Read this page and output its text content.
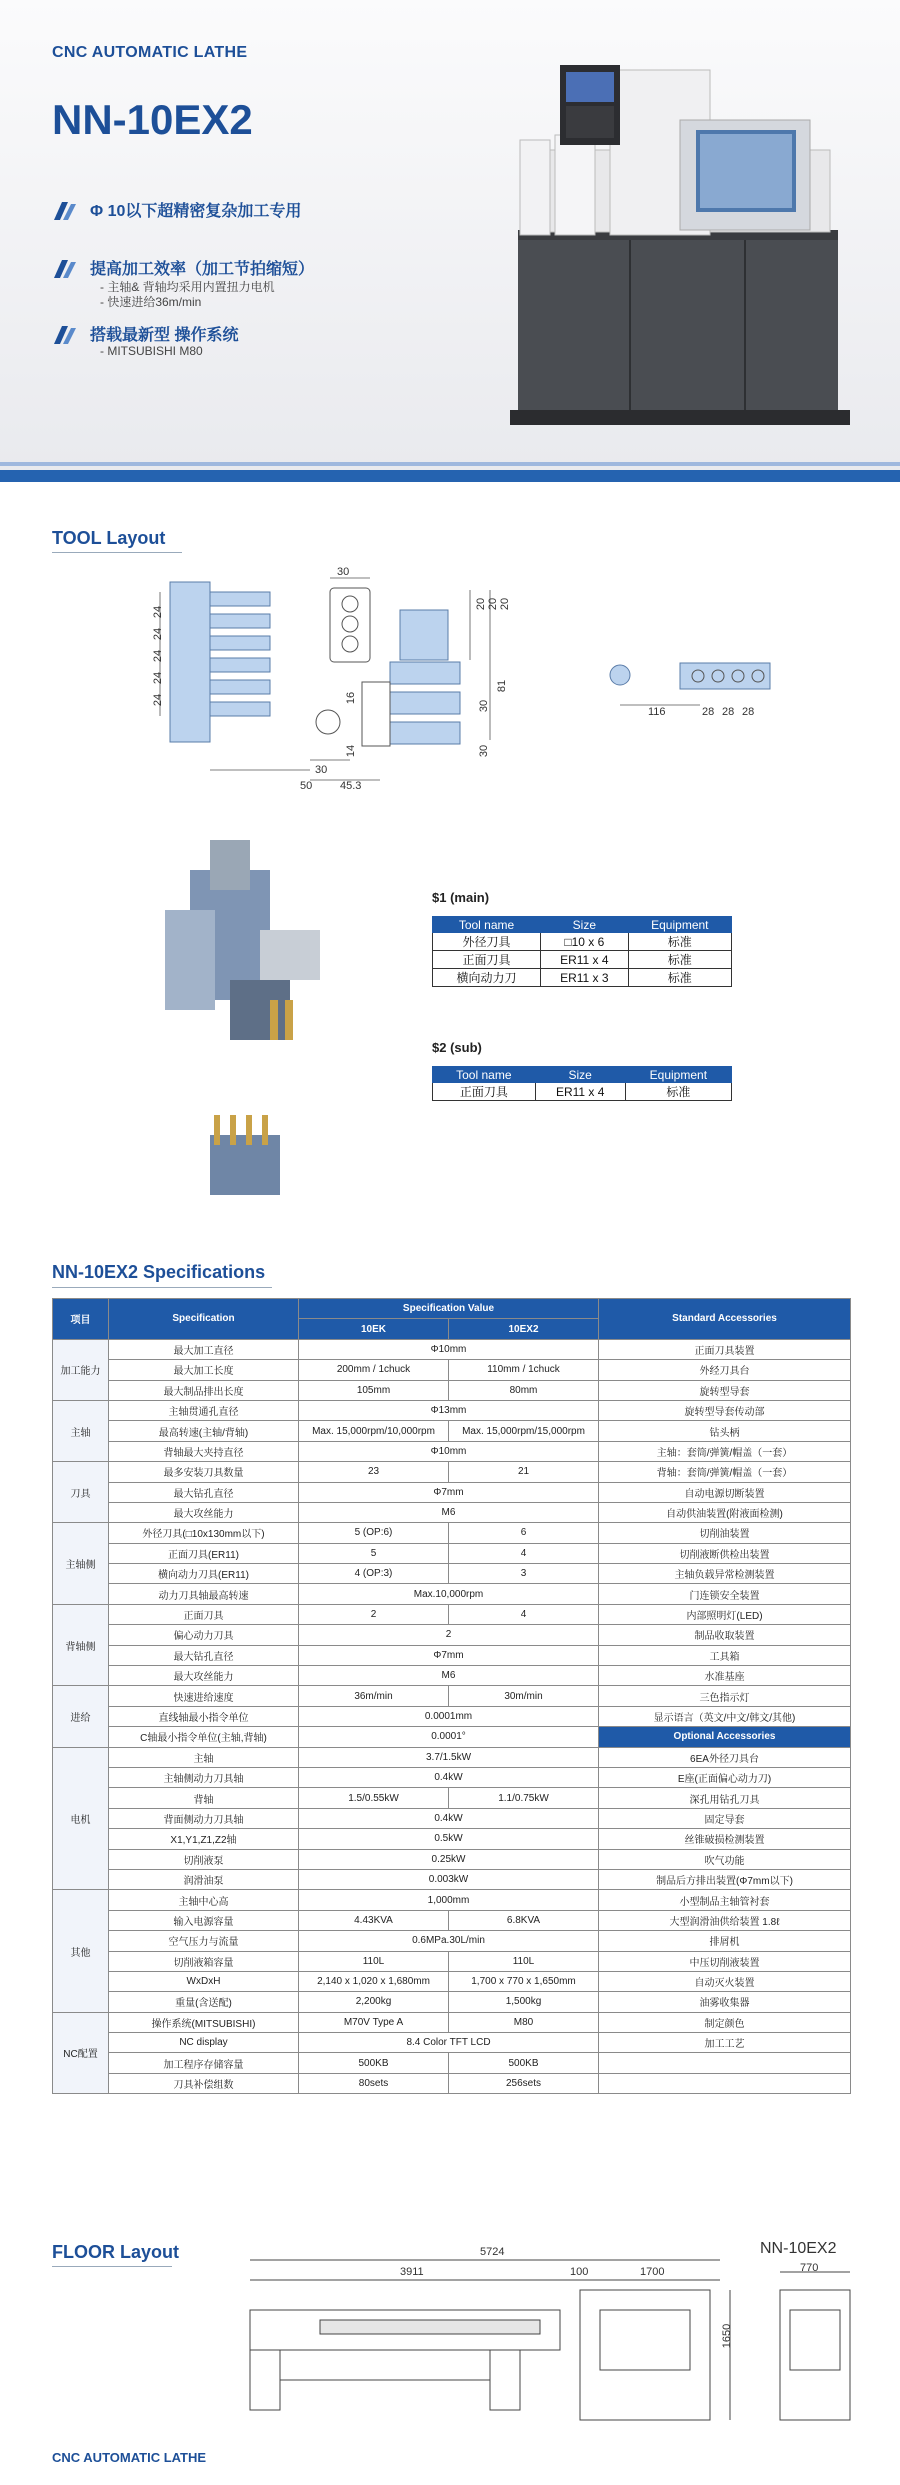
CNC AUTOMATIC LATHE
NN-10EX2
Φ 10以下超精密复杂加工专用
提高加工效率（加工节拍缩短）
- 主轴& 背轴均采用内置扭力电机
- 快速进给36m/min
搭载最新型 操作系统
- MITSUBISHI M80
TOOL Layout
30
20 20 20
81
30
30
24
24
24
24
24	16
14
30
50	45.3
116	28 28 28
$1 (main)
Tool name	Size	Equipment
外径刀具	□10 x 6	标准
正面刀具	ER11 x 4	标准
横向动力刀	ER11 x 3	标准
$2 (sub)
Tool name	Size	Equipment
正面刀具	ER11 x 4	标准
NN-10EX2 Specifications
项目	Specification	Specification Value		Standard Accessories
		10EK	10EX2	
加工能力	最大加工直径	Φ10mm		正面刀具装置
	最大加工长度	200mm / 1chuck	110mm / 1chuck	外经刀具台
	最大制品排出长度	105mm	80mm	旋转型导套
主轴	主轴贯通孔直径	Φ13mm		旋转型导套传动部
	最高转速(主轴/背轴)	Max. 15,000rpm/10,000rpm	Max. 15,000rpm/15,000rpm	钻头柄
	背轴最大夹持直径	Φ10mm		主轴：套筒/弹簧/帽盖（一套）
刀具	最多安装刀具数量	23	21	背轴：套筒/弹簧/帽盖（一套）
	最大钻孔直径	Φ7mm		自动电源切断装置
	最大攻丝能力	M6		自动供油装置(附液面检测)
主轴侧	外径刀具(□10x130mm以下)	5 (OP:6)	6	切削油装置
	正面刀具(ER11)	5	4	切削液断供检出装置
	横向动力刀具(ER11)	4 (OP:3)	3	主轴负载异常检测装置
	动力刀具轴最高转速	Max.10,000rpm		门连锁安全装置
背轴侧	正面刀具	2	4	内部照明灯(LED)
	偏心动力刀具	2		制品收取装置
	最大钻孔直径	Φ7mm		工具箱
	最大攻丝能力	M6		水准基座
进给	快速进给速度	36m/min	30m/min	三色指示灯
	直线轴最小指令单位	0.0001mm		显示语言（英文/中文/韩文/其他)
	C轴最小指令单位(主轴,背轴)	0.0001°		Optional Accessories
电机	主轴	3.7/1.5kW		6EA外径刀具台
	主轴侧动力刀具轴	0.4kW		E座(正面偏心动力刀)
	背轴	1.5/0.55kW	1.1/0.75kW	深孔用钻孔刀具
	背面侧动力刀具轴	0.4kW		固定导套
	X1,Y1,Z1,Z2轴	0.5kW		丝锥破损检测装置
	切削液泵	0.25kW		吹气功能
	润滑油泵	0.003kW		制品后方排出装置(Φ7mm以下)
其他	主轴中心高	1,000mm		小型制品主轴管衬套
	输入电源容量	4.43KVA	6.8KVA	大型润滑油供给装置 1.8ℓ
	空气压力与流量	0.6MPa.30L/min		排屑机
	切削液箱容量	110L	110L	中压切削液装置
	WxDxH	2,140 x 1,020 x 1,680mm	1,700 x 770 x 1,650mm	自动灭火装置
	重量(含送配)	2,200kg	1,500kg	油雾收集器
NC配置	操作系统(MITSUBISHI)	M70V Type A	M80	制定颜色
	NC display	8.4 Color TFT LCD		加工工艺
	加工程序存储容量	500KB	500KB	
	刀具补偿组数	80sets	256sets	
FLOOR Layout	NN-10EX2
5724
3911	100	1700	770
1650
CNC AUTOMATIC LATHE
